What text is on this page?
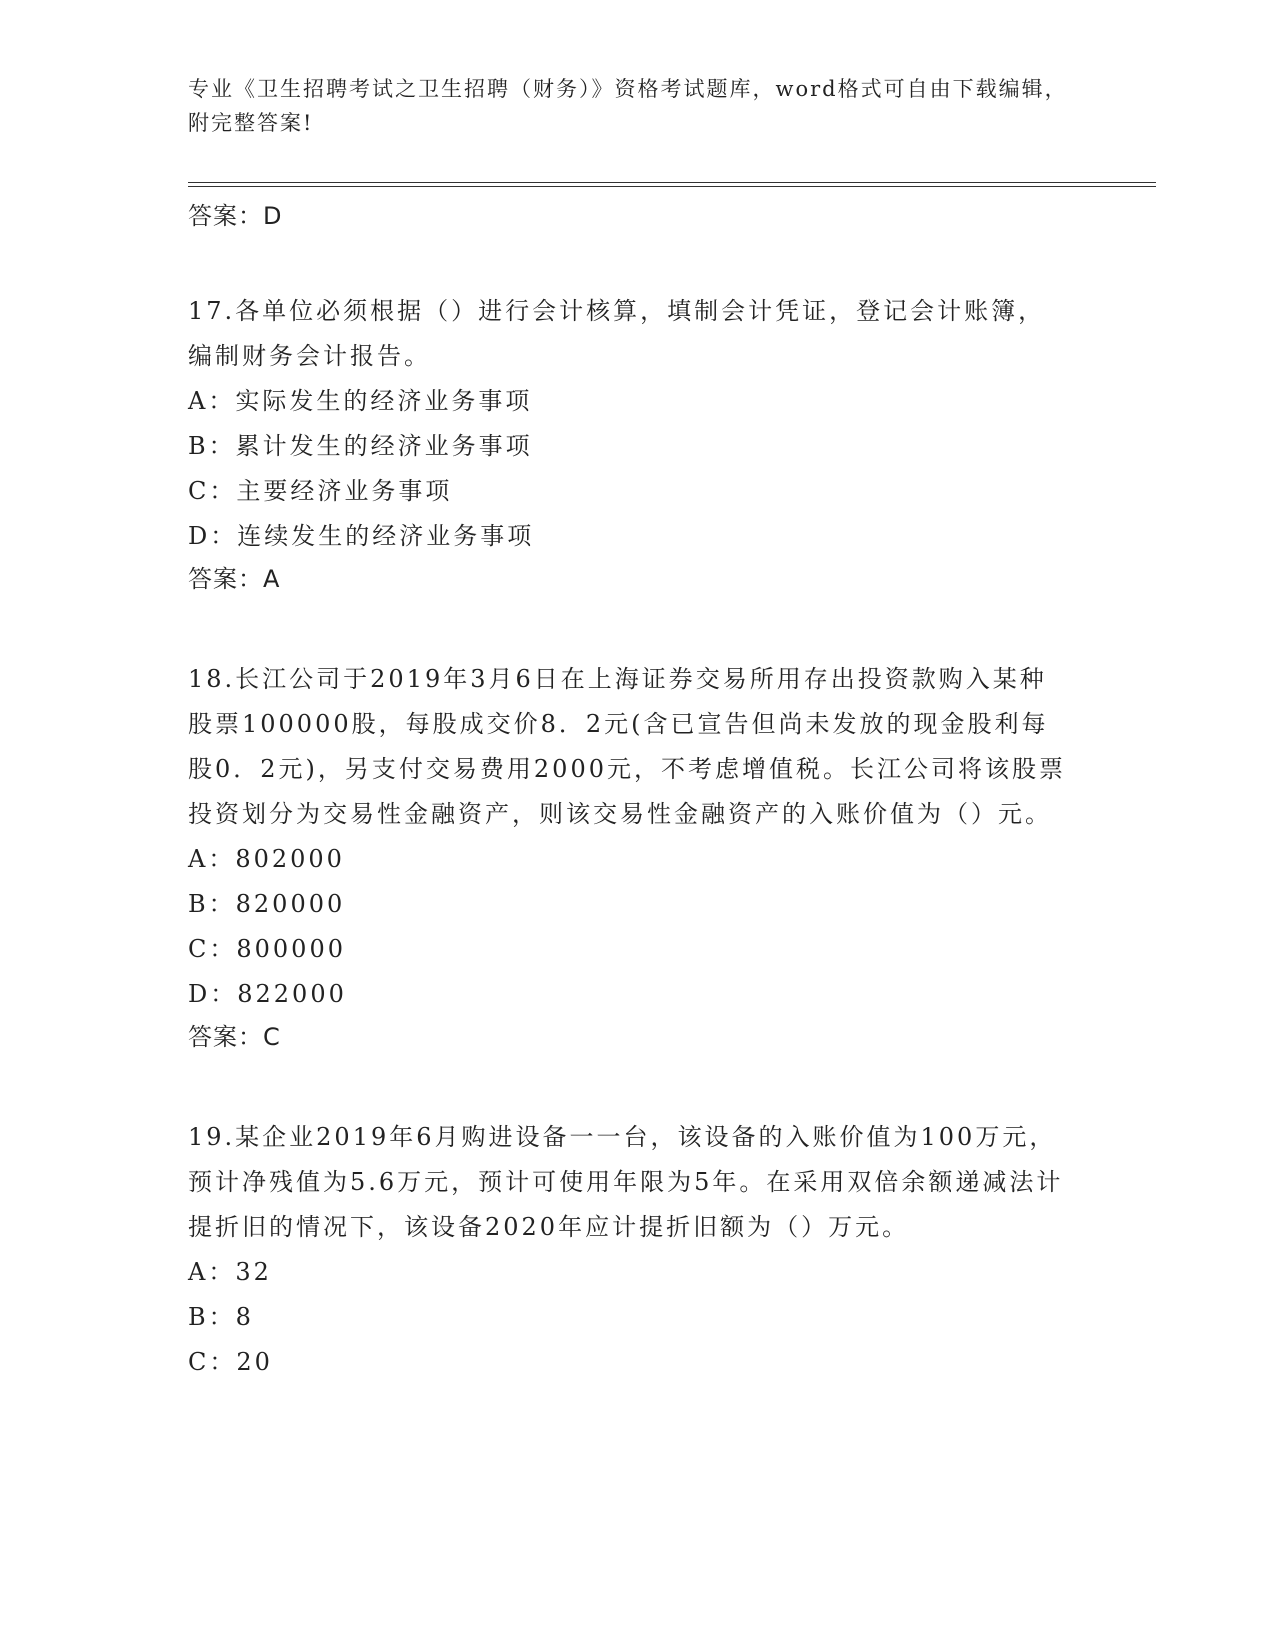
专业《卫生招聘考试之卫生招聘（财务）》资格考试题库，word格式可自由下载编辑，附完整答案!
答案：D
17.各单位必须根据（）进行会计核算，填制会计凭证，登记会计账簿，编制财务会计报告。
A：实际发生的经济业务事项
B：累计发生的经济业务事项
C：主要经济业务事项
D：连续发生的经济业务事项
答案：A
18.长江公司于2019年3月6日在上海证券交易所用存出投资款购入某种股票100000股，每股成交价8．2元(含已宣告但尚未发放的现金股利每股0．2元)，另支付交易费用2000元，不考虑增值税。长江公司将该股票投资划分为交易性金融资产，则该交易性金融资产的入账价值为（）元。
A：802000
B：820000
C：800000
D：822000
答案：C
19.某企业2019年6月购进设备一一台，该设备的入账价值为100万元，预计净残值为5.6万元，预计可使用年限为5年。在采用双倍余额递减法计提折旧的情况下，该设备2020年应计提折旧额为（）万元。
A：32
B：8
C：20
